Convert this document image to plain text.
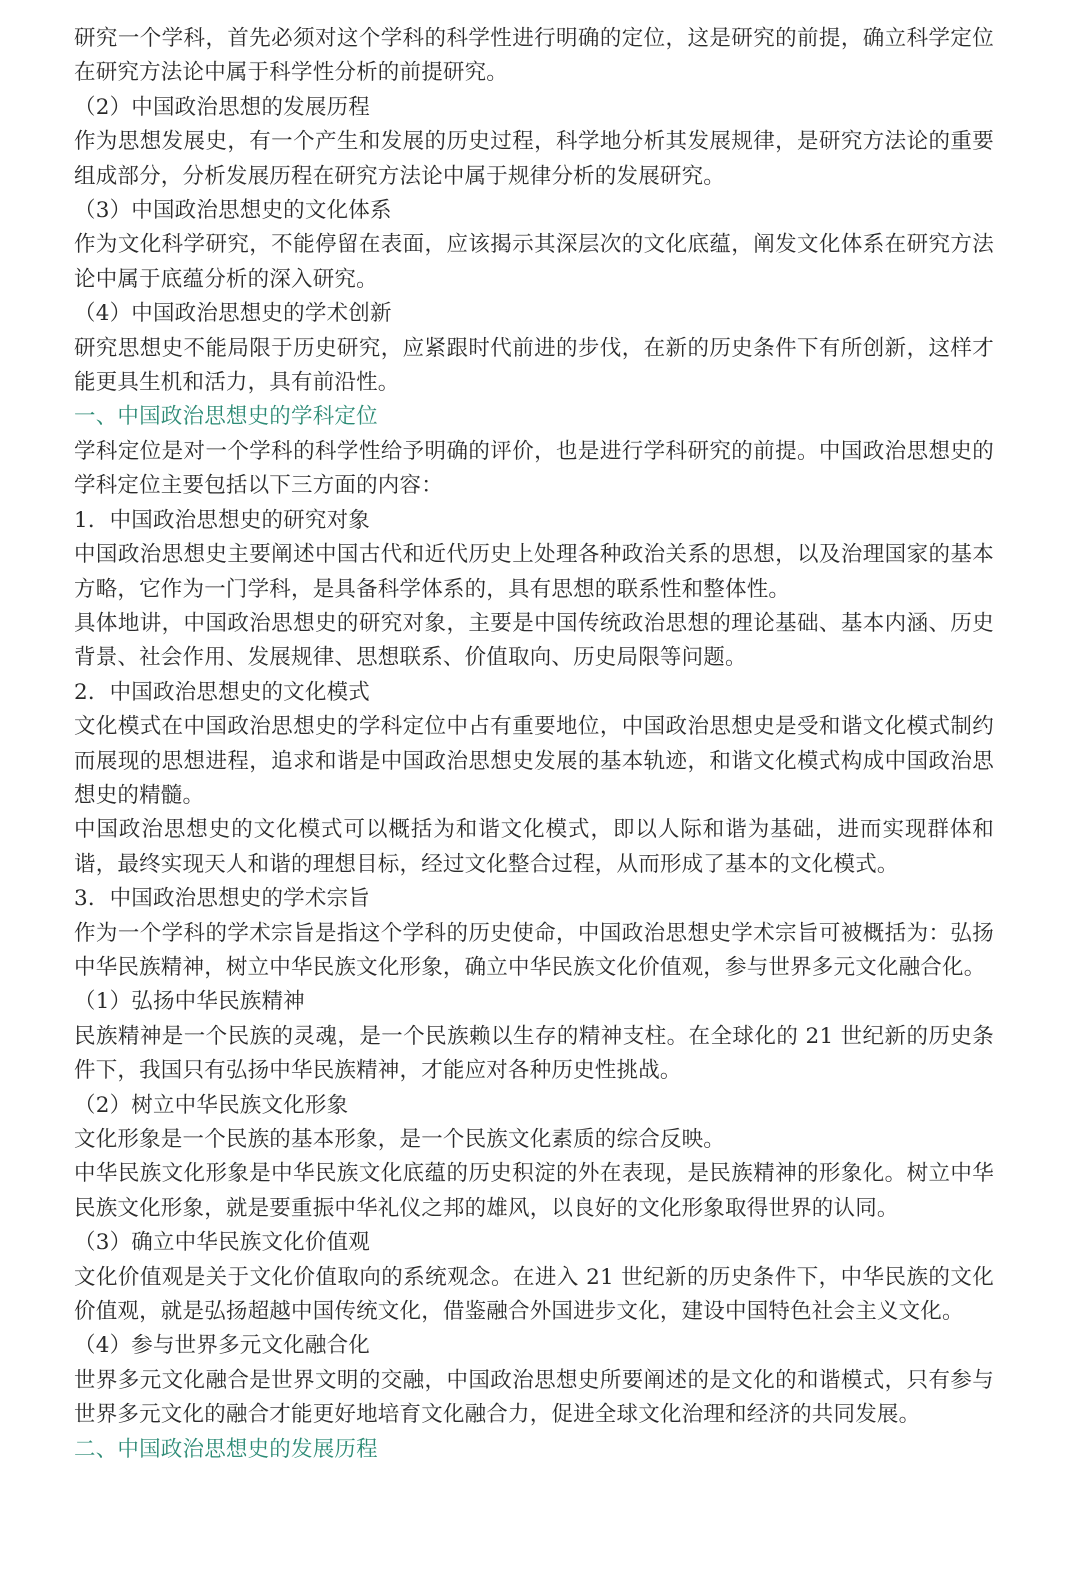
研究一个学科，首先必须对这个学科的科学性进行明确的定位，这是研究的前提，确立科学定位在研究方法论中属于科学性分析的前提研究。

（2）中国政治思想的发展历程

作为思想发展史，有一个产生和发展的历史过程，科学地分析其发展规律，是研究方法论的重要组成部分，分析发展历程在研究方法论中属于规律分析的发展研究。

（3）中国政治思想史的文化体系

作为文化科学研究，不能停留在表面，应该揭示其深层次的文化底蕴，阐发文化体系在研究方法论中属于底蕴分析的深入研究。

（4）中国政治思想史的学术创新

研究思想史不能局限于历史研究，应紧跟时代前进的步伐，在新的历史条件下有所创新，这样才能更具生机和活力，具有前沿性。

一、中国政治思想史的学科定位

学科定位是对一个学科的科学性给予明确的评价，也是进行学科研究的前提。中国政治思想史的学科定位主要包括以下三方面的内容：

1．中国政治思想史的研究对象

中国政治思想史主要阐述中国古代和近代历史上处理各种政治关系的思想，以及治理国家的基本方略，它作为一门学科，是具备科学体系的，具有思想的联系性和整体性。

具体地讲，中国政治思想史的研究对象，主要是中国传统政治思想的理论基础、基本内涵、历史背景、社会作用、发展规律、思想联系、价值取向、历史局限等问题。

2．中国政治思想史的文化模式

文化模式在中国政治思想史的学科定位中占有重要地位，中国政治思想史是受和谐文化模式制约而展现的思想进程，追求和谐是中国政治思想史发展的基本轨迹，和谐文化模式构成中国政治思想史的精髓。

中国政治思想史的文化模式可以概括为和谐文化模式，即以人际和谐为基础，进而实现群体和谐，最终实现天人和谐的理想目标，经过文化整合过程，从而形成了基本的文化模式。

3．中国政治思想史的学术宗旨

作为一个学科的学术宗旨是指这个学科的历史使命，中国政治思想史学术宗旨可被概括为：弘扬中华民族精神，树立中华民族文化形象，确立中华民族文化价值观，参与世界多元文化融合化。

（1）弘扬中华民族精神

民族精神是一个民族的灵魂，是一个民族赖以生存的精神支柱。在全球化的 21 世纪新的历史条件下，我国只有弘扬中华民族精神，才能应对各种历史性挑战。

（2）树立中华民族文化形象

文化形象是一个民族的基本形象，是一个民族文化素质的综合反映。

中华民族文化形象是中华民族文化底蕴的历史积淀的外在表现，是民族精神的形象化。树立中华民族文化形象，就是要重振中华礼仪之邦的雄风，以良好的文化形象取得世界的认同。

（3）确立中华民族文化价值观

文化价值观是关于文化价值取向的系统观念。在进入 21 世纪新的历史条件下，中华民族的文化价值观，就是弘扬超越中国传统文化，借鉴融合外国进步文化，建设中国特色社会主义文化。

（4）参与世界多元文化融合化

世界多元文化融合是世界文明的交融，中国政治思想史所要阐述的是文化的和谐模式，只有参与世界多元文化的融合才能更好地培育文化融合力，促进全球文化治理和经济的共同发展。

二、中国政治思想史的发展历程
